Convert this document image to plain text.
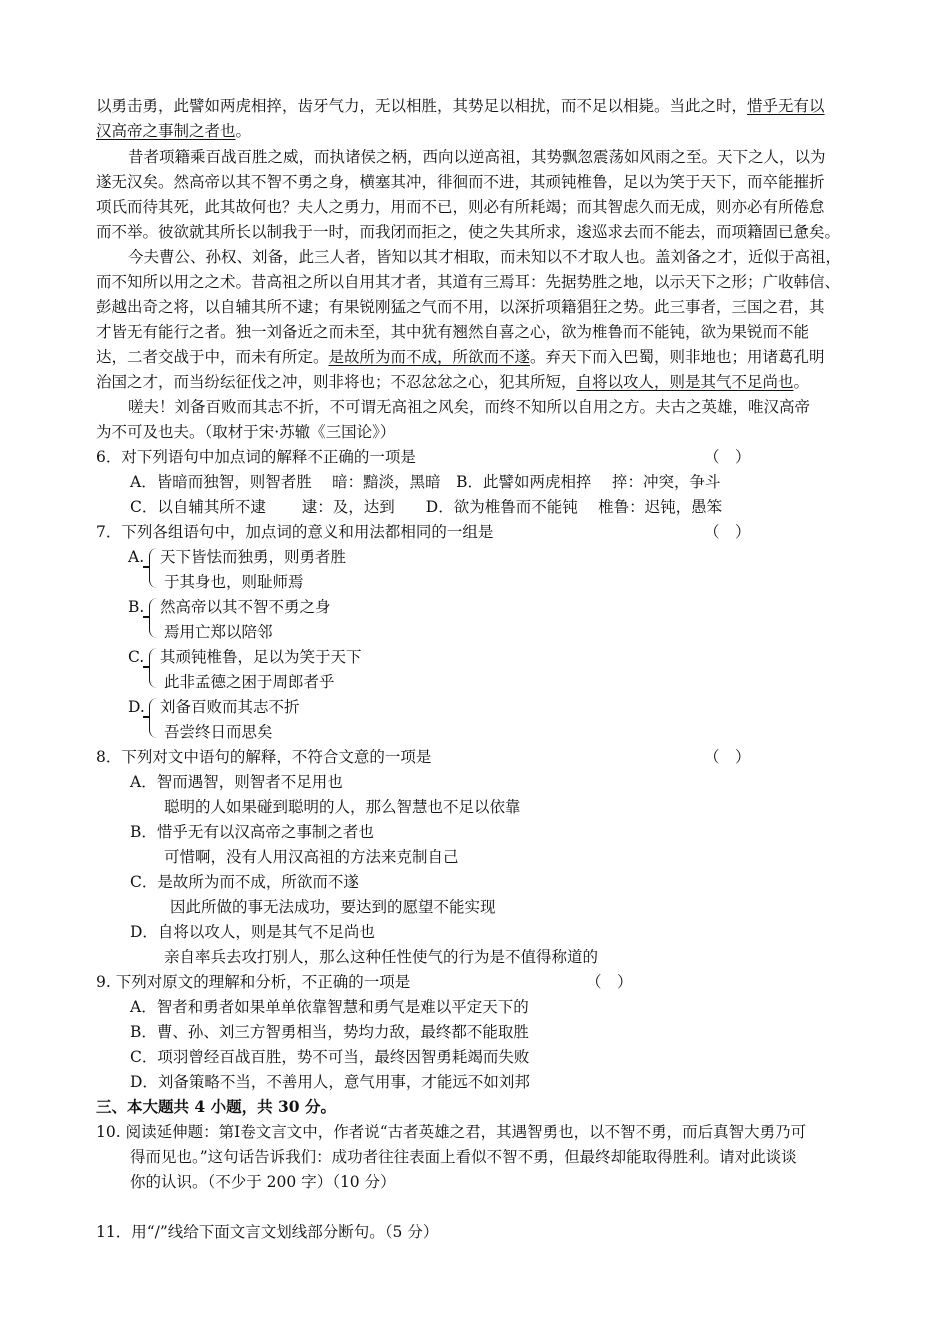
以勇击勇，此譬如两虎相捽，齿牙气力，无以相胜，其势足以相扰，而不足以相毙。当此之时，惜乎无有以
汉高帝之事制之者也。
昔者项籍乘百战百胜之威，而执诸侯之柄，西向以逆高祖，其势飘忽震荡如风雨之至。天下之人，以为
遂无汉矣。然高帝以其不智不勇之身，横塞其冲，徘徊而不进，其顽钝椎鲁，足以为笑于天下，而卒能摧折
项氏而待其死，此其故何也？夫人之勇力，用而不已，则必有所耗竭；而其智虑久而无成，则亦必有所倦怠
而不举。彼欲就其所长以制我于一时，而我闭而拒之，使之失其所求，逡巡求去而不能去，而项籍固已惫矣。
今夫曹公、孙权、刘备，此三人者，皆知以其才相取，而未知以不才取人也。盖刘备之才，近似于高祖，
而不知所以用之之术。昔高祖之所以自用其才者，其道有三焉耳：先据势胜之地，以示天下之形；广收韩信、
彭越出奇之将，以自辅其所不逮；有果锐刚猛之气而不用，以深折项籍猖狂之势。此三事者，三国之君，其
才皆无有能行之者。独一刘备近之而未至，其中犹有翘然自喜之心，欲为椎鲁而不能钝，欲为果锐而不能
达，二者交战于中，而未有所定。是故所为而不成，所欲而不遂。弃天下而入巴蜀，则非地也；用诸葛孔明
治国之才，而当纷纭征伐之冲，则非将也；不忍忿忿之心，犯其所短，自将以攻人，则是其气不足尚也。
嗟夫！刘备百败而其志不折，不可谓无高祖之风矣，而终不知所以自用之方。夫古之英雄，唯汉高帝
为不可及也夫。（取材于宋·苏辙《三国论》）
6．对下列语句中加点词的解释不正确的一项是	（　）
A．皆暗而独智，则智者胜　 暗：黯淡，黑暗　B．此譬如两虎相捽　 捽：冲突，争斗
C．以自辅其所不逮　　 逮：及，达到　　D．欲为椎鲁而不能钝　 椎鲁：迟钝，愚笨
7．下列各组语句中，加点词的意义和用法都相同的一组是	（　）
A. 天下皆怯而独勇，则勇者胜
于其身也，则耻师焉
B. 然高帝以其不智不勇之身
焉用亡郑以陪邻
C. 其顽钝椎鲁，足以为笑于天下
此非孟德之困于周郎者乎
D. 刘备百败而其志不折
吾尝终日而思矣
8．下列对文中语句的解释，不符合文意的一项是	（　）
A．智而遇智，则智者不足用也
聪明的人如果碰到聪明的人，那么智慧也不足以依靠
B．惜乎无有以汉高帝之事制之者也
可惜啊，没有人用汉高祖的方法来克制自己
C．是故所为而不成，所欲而不遂
因此所做的事无法成功，要达到的愿望不能实现
D．自将以攻人，则是其气不足尚也
亲自率兵去攻打别人，那么这种任性使气的行为是不值得称道的
9. 下列对原文的理解和分析，不正确的一项是	（　）
A．智者和勇者如果单单依靠智慧和勇气是难以平定天下的
B．曹、孙、刘三方智勇相当，势均力敌，最终都不能取胜
C．项羽曾经百战百胜，势不可当，最终因智勇耗竭而失败
D．刘备策略不当，不善用人，意气用事，才能远不如刘邦
三、本大题共 4 小题，共 30 分。
10. 阅读延伸题：第Ⅰ卷文言文中，作者说“古者英雄之君，其遇智勇也，以不智不勇，而后真智大勇乃可
得而见也。”这句话告诉我们：成功者往往表面上看似不智不勇，但最终却能取得胜利。请对此谈谈
你的认识。（不少于 200 字）（10 分）
11．用“/”线给下面文言文划线部分断句。（5 分）
